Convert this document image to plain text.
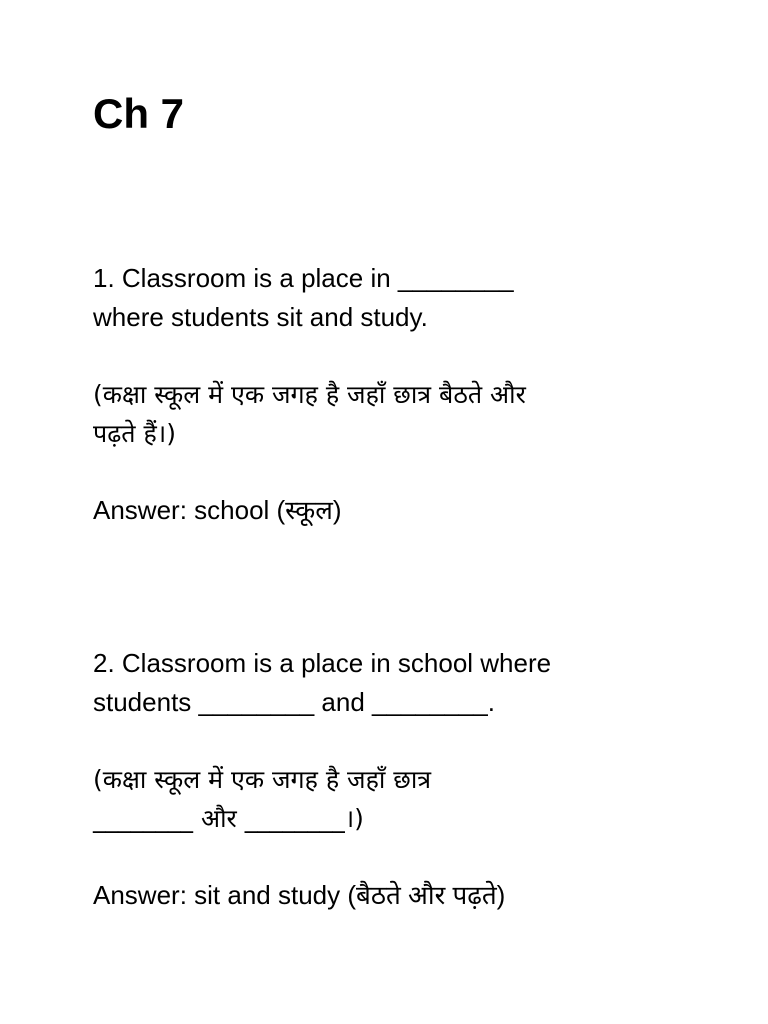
Ch 7

1. Classroom is a place in ________

where students sit and study.

(कक्षा स्कूल में एक जगह है जहाँ छात्र बैठते और

पढ़ते हैं।)

Answer: school (स्कूल)

2. Classroom is a place in school where

students ________ and ________.

(कक्षा स्कूल में एक जगह है जहाँ छात्र

________ और ________।)

Answer: sit and study (बैठते और पढ़ते)
